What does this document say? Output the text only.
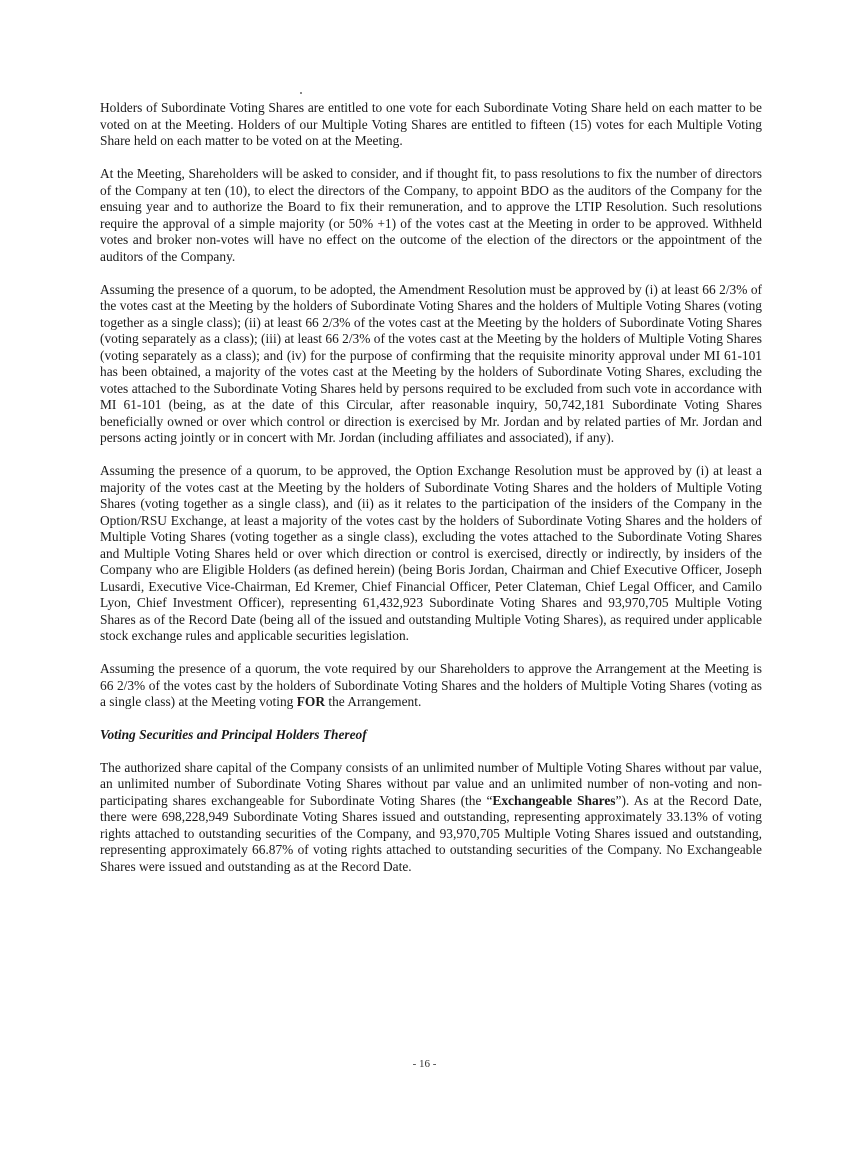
Holders of Subordinate Voting Shares are entitled to one vote for each Subordinate Voting Share held on each matter to be voted on at the Meeting. Holders of our Multiple Voting Shares are entitled to fifteen (15) votes for each Multiple Voting Share held on each matter to be voted on at the Meeting.

At the Meeting, Shareholders will be asked to consider, and if thought fit, to pass resolutions to fix the number of directors of the Company at ten (10), to elect the directors of the Company, to appoint BDO as the auditors of the Company for the ensuing year and to authorize the Board to fix their remuneration, and to approve the LTIP Resolution. Such resolutions require the approval of a simple majority (or 50% +1) of the votes cast at the Meeting in order to be approved. Withheld votes and broker non-votes will have no effect on the outcome of the election of the directors or the appointment of the auditors of the Company.

Assuming the presence of a quorum, to be adopted, the Amendment Resolution must be approved by (i) at least 66 2/3% of the votes cast at the Meeting by the holders of Subordinate Voting Shares and the holders of Multiple Voting Shares (voting together as a single class); (ii) at least 66 2/3% of the votes cast at the Meeting by the holders of Subordinate Voting Shares (voting separately as a class); (iii) at least 66 2/3% of the votes cast at the Meeting by the holders of Multiple Voting Shares (voting separately as a class); and (iv) for the purpose of confirming that the requisite minority approval under MI 61-101 has been obtained, a majority of the votes cast at the Meeting by the holders of Subordinate Voting Shares, excluding the votes attached to the Subordinate Voting Shares held by persons required to be excluded from such vote in accordance with MI 61-101 (being, as at the date of this Circular, after reasonable inquiry, 50,742,181 Subordinate Voting Shares beneficially owned or over which control or direction is exercised by Mr. Jordan and by related parties of Mr. Jordan and persons acting jointly or in concert with Mr. Jordan (including affiliates and associated), if any).

Assuming the presence of a quorum, to be approved, the Option Exchange Resolution must be approved by (i) at least a majority of the votes cast at the Meeting by the holders of Subordinate Voting Shares and the holders of Multiple Voting Shares (voting together as a single class), and (ii) as it relates to the participation of the insiders of the Company in the Option/RSU Exchange, at least a majority of the votes cast by the holders of Subordinate Voting Shares and the holders of Multiple Voting Shares (voting together as a single class), excluding the votes attached to the Subordinate Voting Shares and Multiple Voting Shares held or over which direction or control is exercised, directly or indirectly, by insiders of the Company who are Eligible Holders (as defined herein) (being Boris Jordan, Chairman and Chief Executive Officer, Joseph Lusardi, Executive Vice-Chairman, Ed Kremer, Chief Financial Officer, Peter Clateman, Chief Legal Officer, and Camilo Lyon, Chief Investment Officer), representing 61,432,923 Subordinate Voting Shares and 93,970,705 Multiple Voting Shares as of the Record Date (being all of the issued and outstanding Multiple Voting Shares), as required under applicable stock exchange rules and applicable securities legislation.

Assuming the presence of a quorum, the vote required by our Shareholders to approve the Arrangement at the Meeting is 66 2/3% of the votes cast by the holders of Subordinate Voting Shares and the holders of Multiple Voting Shares (voting as a single class) at the Meeting voting FOR the Arrangement.

Voting Securities and Principal Holders Thereof

The authorized share capital of the Company consists of an unlimited number of Multiple Voting Shares without par value, an unlimited number of Subordinate Voting Shares without par value and an unlimited number of non-voting and non-participating shares exchangeable for Subordinate Voting Shares (the “Exchangeable Shares”). As at the Record Date, there were 698,228,949 Subordinate Voting Shares issued and outstanding, representing approximately 33.13% of voting rights attached to outstanding securities of the Company, and 93,970,705 Multiple Voting Shares issued and outstanding, representing approximately 66.87% of voting rights attached to outstanding securities of the Company. No Exchangeable Shares were issued and outstanding as at the Record Date.

- 16 -
